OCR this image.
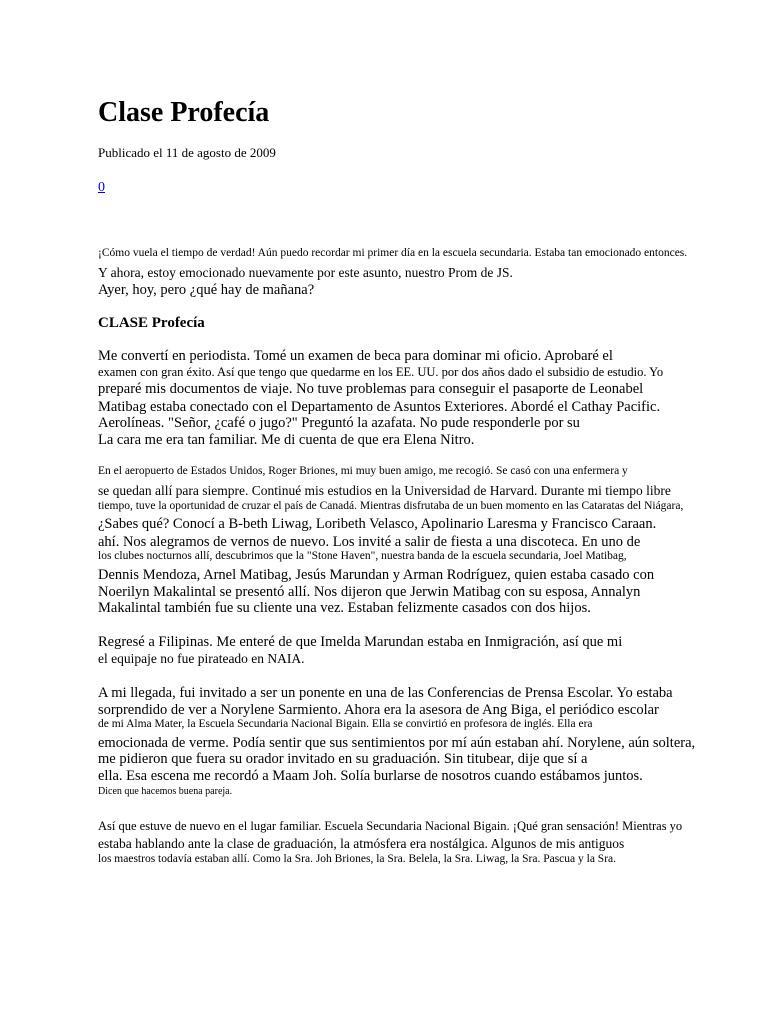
Clase Profecía
Publicado el 11 de agosto de 2009
0
¡Cómo vuela el tiempo de verdad! Aún puedo recordar mi primer día en la escuela secundaria. Estaba tan emocionado entonces.
Y ahora, estoy emocionado nuevamente por este asunto, nuestro Prom de JS.
Ayer, hoy, pero ¿qué hay de mañana?
CLASE Profecía
Me convertí en periodista. Tomé un examen de beca para dominar mi oficio. Aprobaré el
examen con gran éxito. Así que tengo que quedarme en los EE. UU. por dos años dado el subsidio de estudio. Yo
preparé mis documentos de viaje. No tuve problemas para conseguir el pasaporte de Leonabel
Matibag estaba conectado con el Departamento de Asuntos Exteriores. Abordé el Cathay Pacific.
Aerolíneas. "Señor, ¿café o jugo?" Preguntó la azafata. No pude responderle por su
La cara me era tan familiar. Me di cuenta de que era Elena Nitro.
En el aeropuerto de Estados Unidos, Roger Briones, mi muy buen amigo, me recogió. Se casó con una enfermera y
se quedan allí para siempre. Continué mis estudios en la Universidad de Harvard. Durante mi tiempo libre
tiempo, tuve la oportunidad de cruzar el país de Canadá. Mientras disfrutaba de un buen momento en las Cataratas del Niágara,
¿Sabes qué? Conocí a B-beth Liwag, Loribeth Velasco, Apolinario Laresma y Francisco Caraan.
ahí. Nos alegramos de vernos de nuevo. Los invité a salir de fiesta a una discoteca. En uno de
los clubes nocturnos allí, descubrimos que la "Stone Haven", nuestra banda de la escuela secundaria, Joel Matibag,
Dennis Mendoza, Arnel Matibag, Jesús Marundan y Arman Rodríguez, quien estaba casado con
Noerilyn Makalintal se presentó allí. Nos dijeron que Jerwin Matibag con su esposa, Annalyn
Makalintal también fue su cliente una vez. Estaban felizmente casados con dos hijos.
Regresé a Filipinas. Me enteré de que Imelda Marundan estaba en Inmigración, así que mi
el equipaje no fue pirateado en NAIA.
A mi llegada, fui invitado a ser un ponente en una de las Conferencias de Prensa Escolar. Yo estaba
sorprendido de ver a Norylene Sarmiento. Ahora era la asesora de Ang Biga, el periódico escolar
de mi Alma Mater, la Escuela Secundaria Nacional Bigain. Ella se convirtió en profesora de inglés. Ella era
emocionada de verme. Podía sentir que sus sentimientos por mí aún estaban ahí. Norylene, aún soltera,
me pidieron que fuera su orador invitado en su graduación. Sin titubear, dije que sí a
ella. Esa escena me recordó a Maam Joh. Solía burlarse de nosotros cuando estábamos juntos.
Dicen que hacemos buena pareja.
Así que estuve de nuevo en el lugar familiar. Escuela Secundaria Nacional Bigain. ¡Qué gran sensación! Mientras yo
estaba hablando ante la clase de graduación, la atmósfera era nostálgica. Algunos de mis antiguos
los maestros todavía estaban allí. Como la Sra. Joh Briones, la Sra. Belela, la Sra. Liwag, la Sra. Pascua y la Sra.
